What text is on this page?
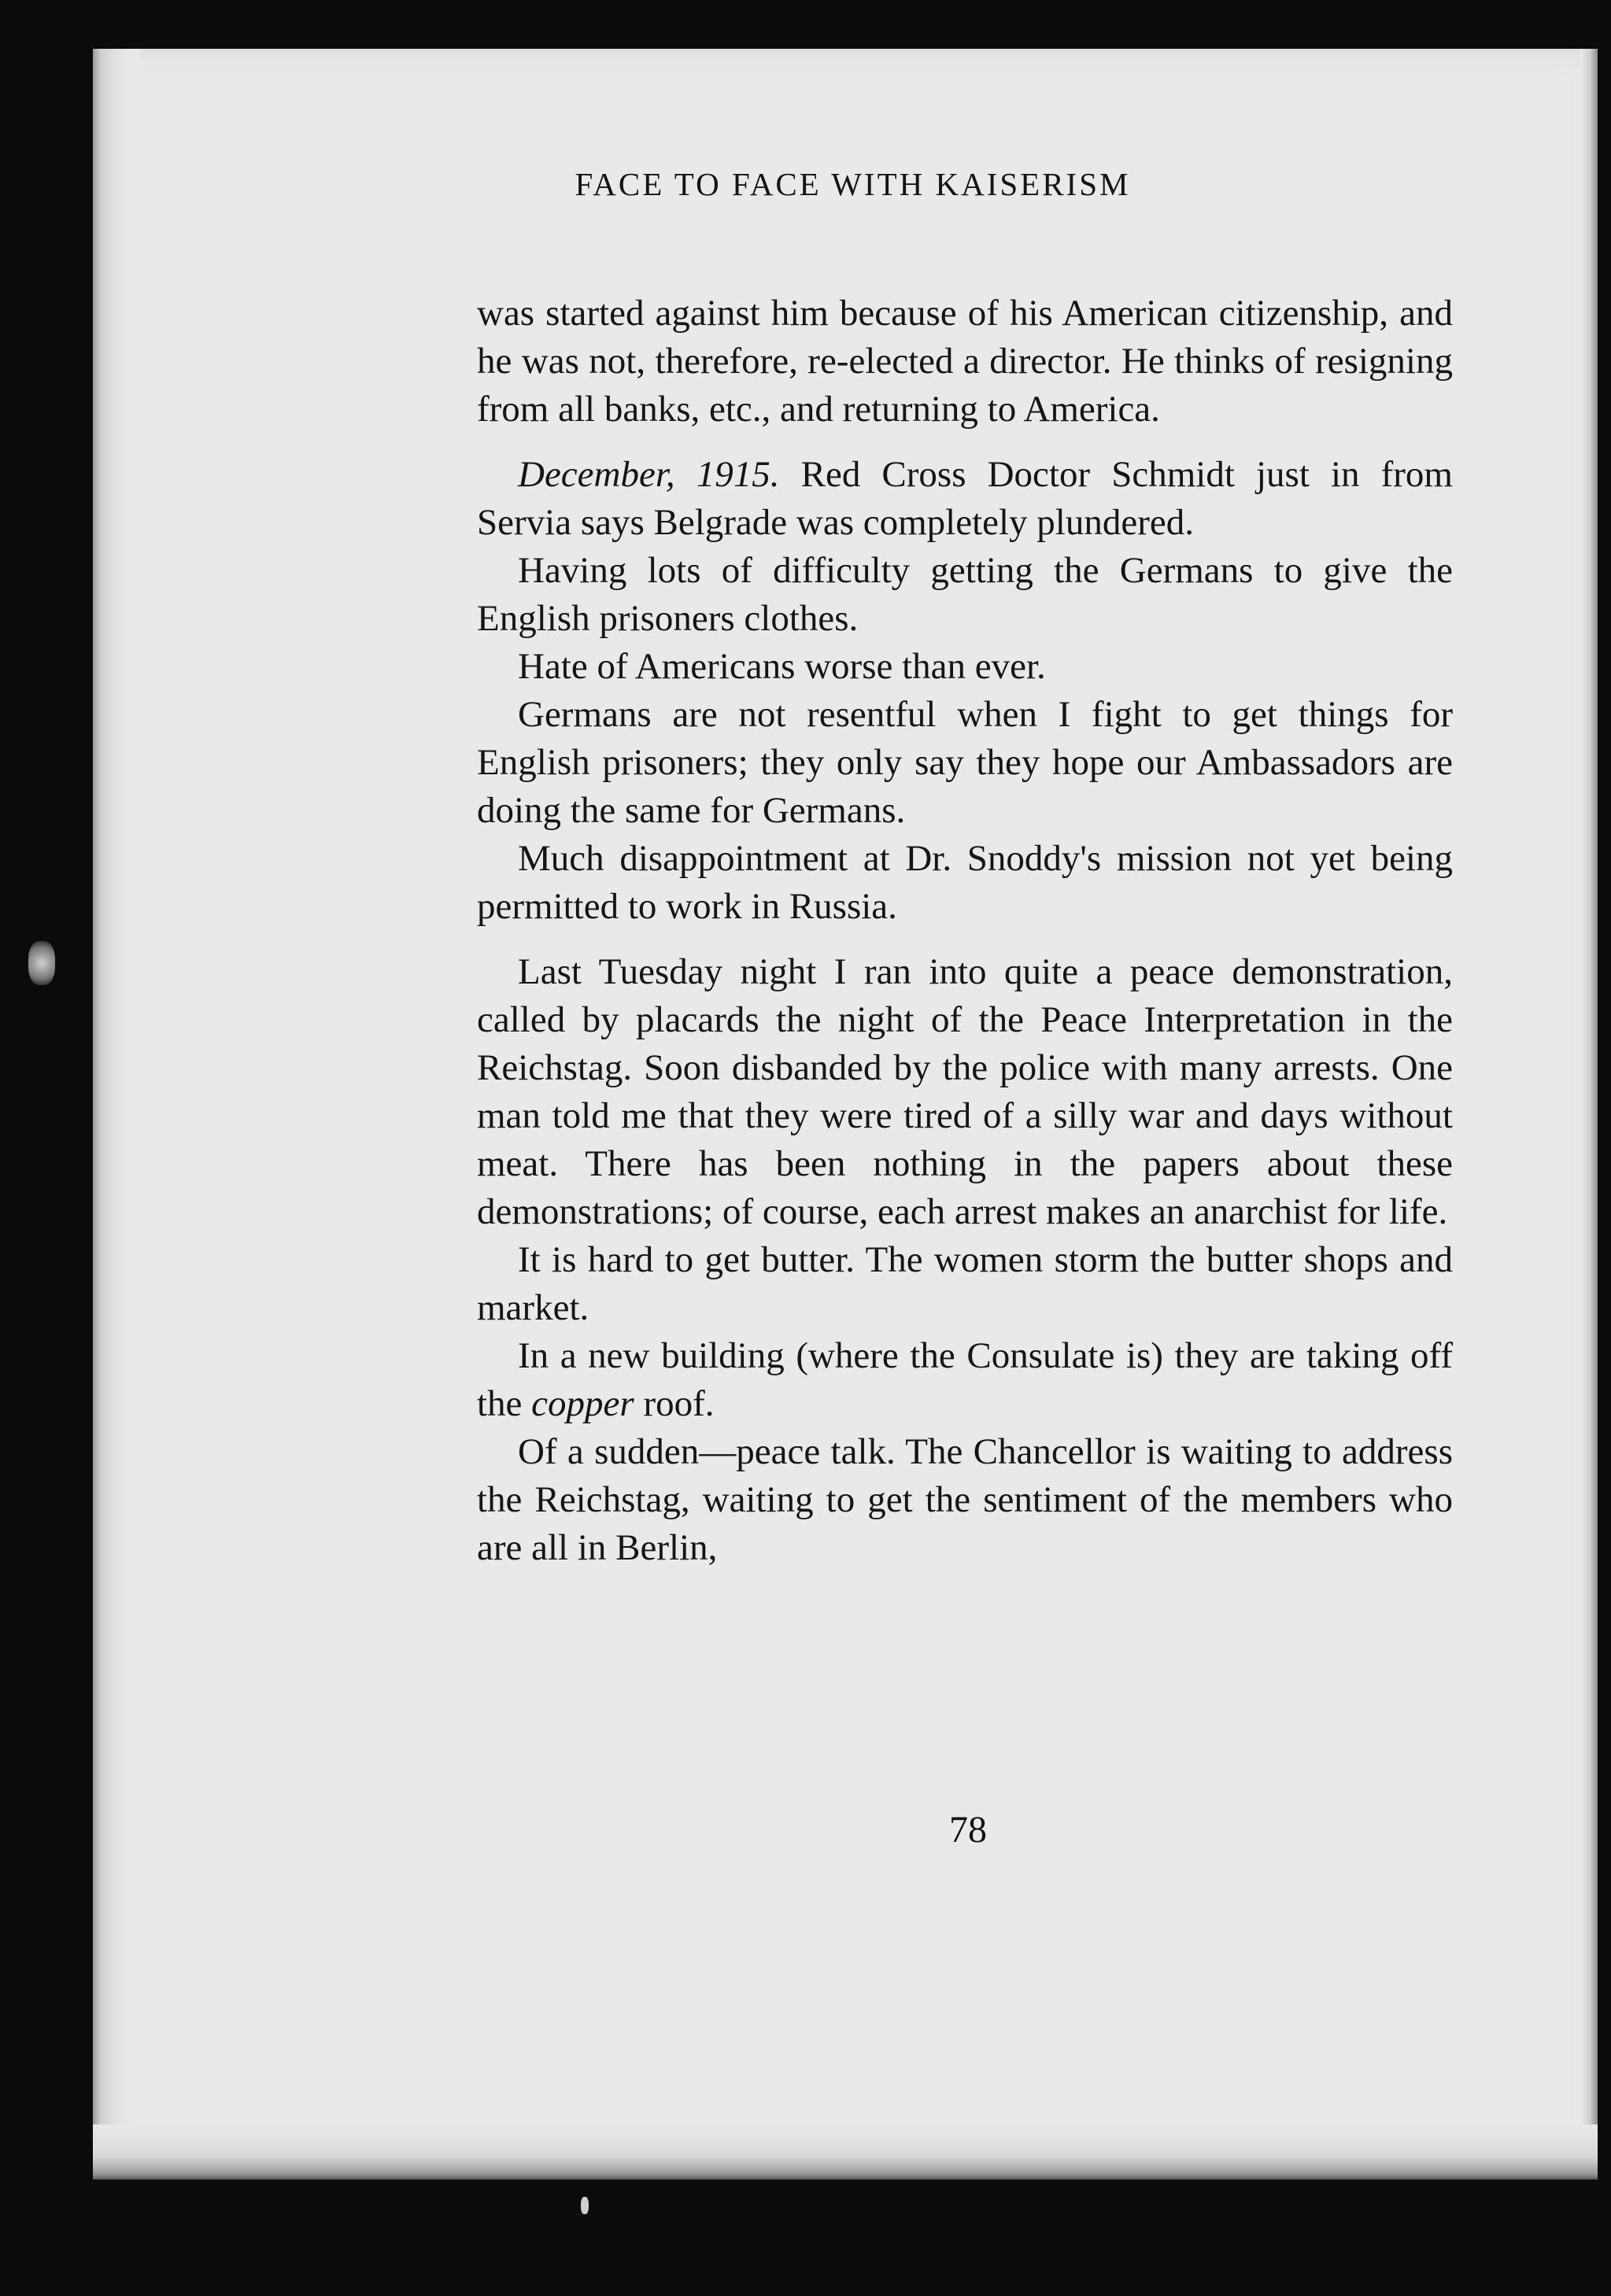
FACE TO FACE WITH KAISERISM

was started against him because of his American citizenship, and he was not, therefore, re-elected a director. He thinks of resigning from all banks, etc., and returning to America.

December, 1915. Red Cross Doctor Schmidt just in from Servia says Belgrade was completely plundered.

Having lots of difficulty getting the Germans to give the English prisoners clothes.

Hate of Americans worse than ever.

Germans are not resentful when I fight to get things for English prisoners; they only say they hope our Ambassadors are doing the same for Germans.

Much disappointment at Dr. Snoddy's mission not yet being permitted to work in Russia.

Last Tuesday night I ran into quite a peace demonstration, called by placards the night of the Peace Interpretation in the Reichstag. Soon disbanded by the police with many arrests. One man told me that they were tired of a silly war and days without meat. There has been nothing in the papers about these demonstrations; of course, each arrest makes an anarchist for life.

It is hard to get butter. The women storm the butter shops and market.

In a new building (where the Consulate is) they are taking off the copper roof.

Of a sudden—peace talk. The Chancellor is waiting to address the Reichstag, waiting to get the sentiment of the members who are all in Berlin,

78
